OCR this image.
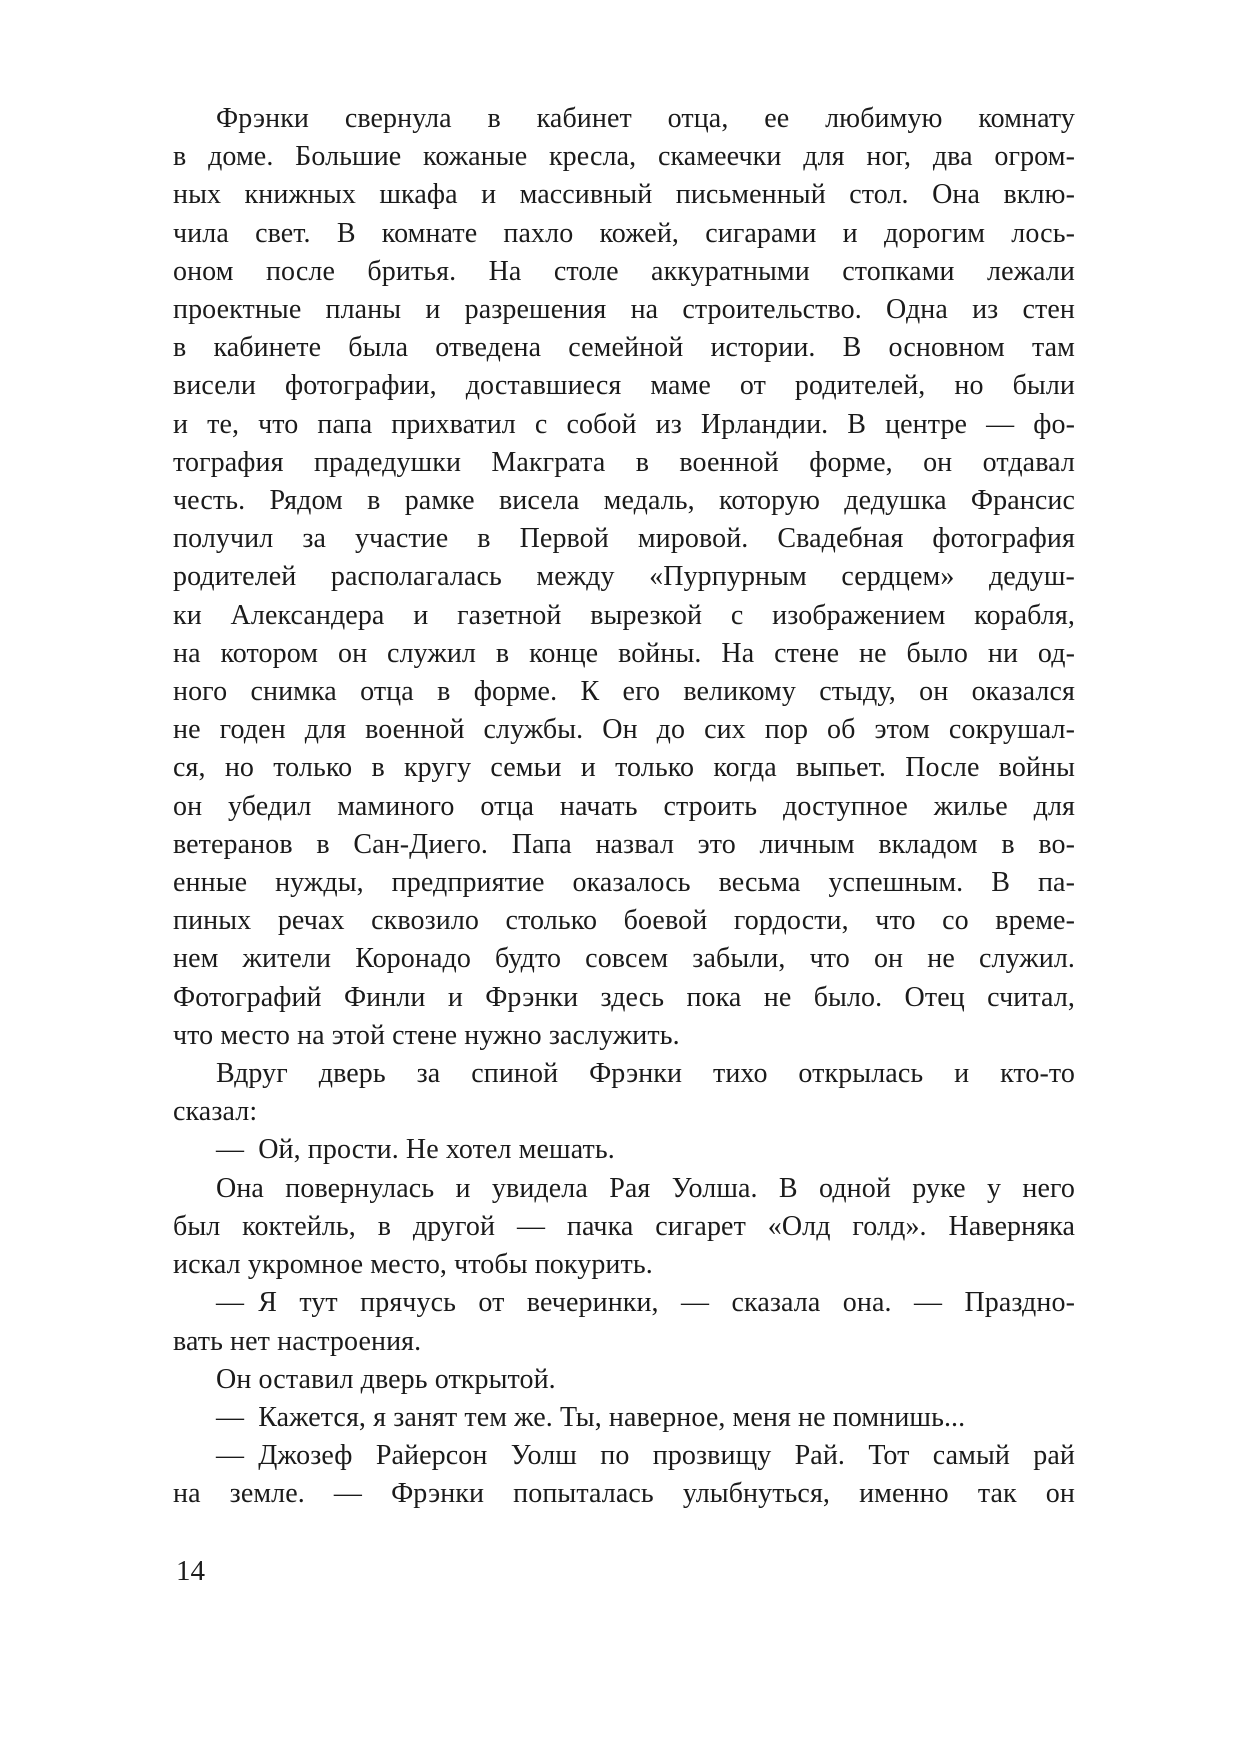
Фрэнки свернула в кабинет отца, ее любимую комнату
в доме. Большие кожаные кресла, скамеечки для ног, два огром-
ных книжных шкафа и массивный письменный стол. Она вклю-
чила свет. В комнате пахло кожей, сигарами и дорогим лось-
оном после бритья. На столе аккуратными стопками лежали
проектные планы и разрешения на строительство. Одна из стен
в кабинете была отведена семейной истории. В основном там
висели фотографии, доставшиеся маме от родителей, но были
и те, что папа прихватил с собой из Ирландии. В центре — фо-
тография прадедушки Макграта в военной форме, он отдавал
честь. Рядом в рамке висела медаль, которую дедушка Франсис
получил за участие в Первой мировой. Свадебная фотография
родителей располагалась между «Пурпурным сердцем» дедуш-
ки Александера и газетной вырезкой с изображением корабля,
на котором он служил в конце войны. На стене не было ни од-
ного снимка отца в форме. К его великому стыду, он оказался
не годен для военной службы. Он до сих пор об этом сокрушал-
ся, но только в кругу семьи и только когда выпьет. После войны
он убедил маминого отца начать строить доступное жилье для
ветеранов в Сан-Диего. Папа назвал это личным вкладом в во-
енные нужды, предприятие оказалось весьма успешным. В па-
пиных речах сквозило столько боевой гордости, что со време-
нем жители Коронадо будто совсем забыли, что он не служил.
Фотографий Финли и Фрэнки здесь пока не было. Отец считал,
что место на этой стене нужно заслужить.
Вдруг дверь за спиной Фрэнки тихо открылась и кто-то
сказал:
— Ой, прости. Не хотел мешать.
Она повернулась и увидела Рая Уолша. В одной руке у него
был коктейль, в другой — пачка сигарет «Олд голд». Наверняка
искал укромное место, чтобы покурить.
— Я тут прячусь от вечеринки, — сказала она. — Праздно-
вать нет настроения.
Он оставил дверь открытой.
— Кажется, я занят тем же. Ты, наверное, меня не помнишь...
— Джозеф Райерсон Уолш по прозвищу Рай. Тот самый рай
на земле. — Фрэнки попыталась улыбнуться, именно так он
14
